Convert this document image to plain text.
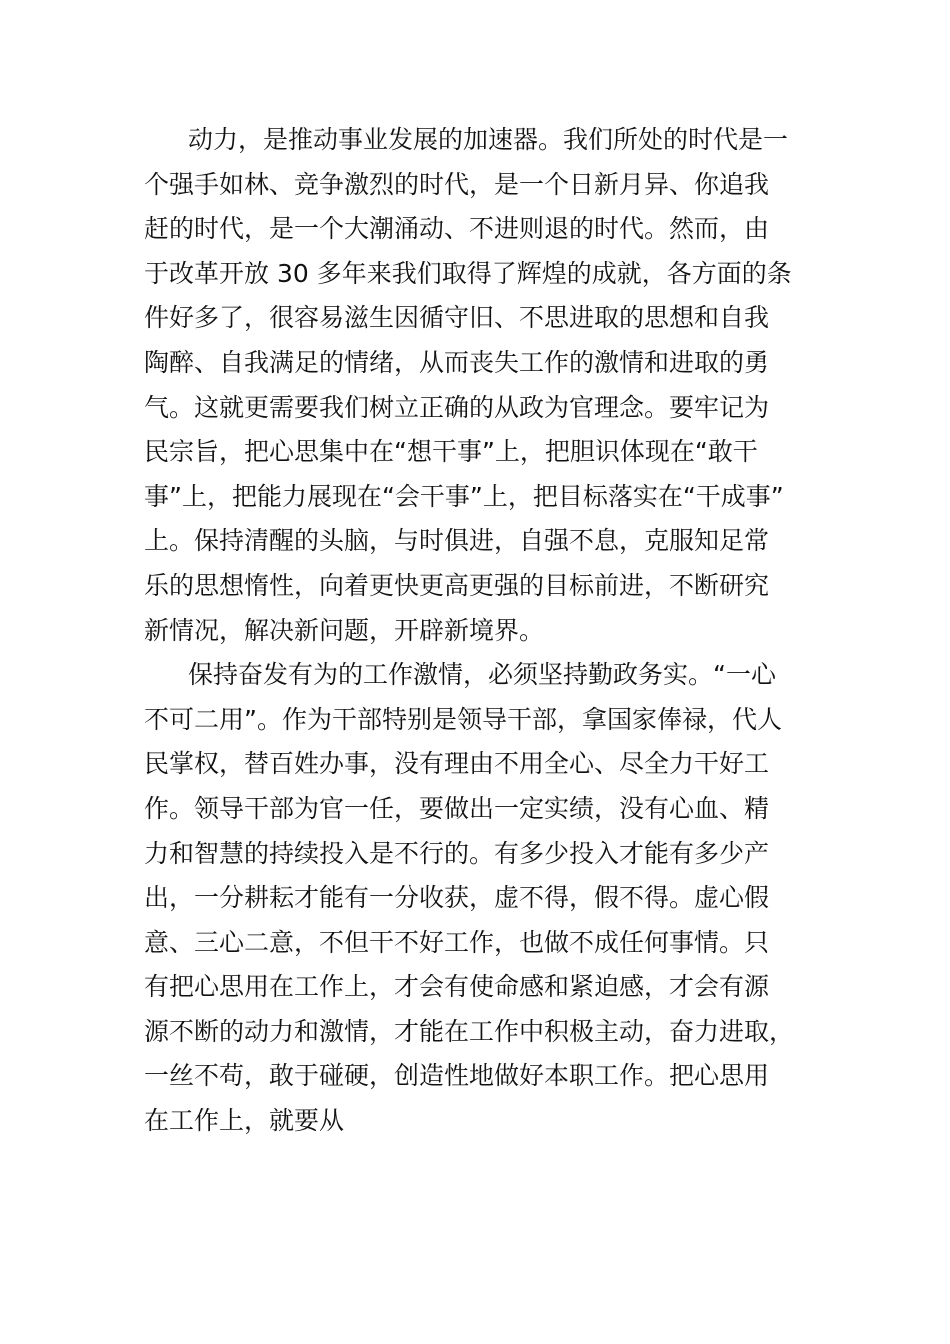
动力，是推动事业发展的加速器。我们所处的时代是一
个强手如林、竞争激烈的时代，是一个日新月异、你追我
赶的时代，是一个大潮涌动、不进则退的时代。然而，由
于改革开放 30 多年来我们取得了辉煌的成就，各方面的条
件好多了，很容易滋生因循守旧、不思进取的思想和自我
陶醉、自我满足的情绪，从而丧失工作的激情和进取的勇
气。这就更需要我们树立正确的从政为官理念。要牢记为
民宗旨，把心思集中在“想干事”上，把胆识体现在“敢干
事”上，把能力展现在“会干事”上，把目标落实在“干成事”
上。保持清醒的头脑，与时俱进，自强不息，克服知足常
乐的思想惰性，向着更快更高更强的目标前进，不断研究
新情况，解决新问题，开辟新境界。
保持奋发有为的工作激情，必须坚持勤政务实。“一心
不可二用”。作为干部特别是领导干部，拿国家俸禄，代人
民掌权，替百姓办事，没有理由不用全心、尽全力干好工
作。领导干部为官一任，要做出一定实绩，没有心血、精
力和智慧的持续投入是不行的。有多少投入才能有多少产
出，一分耕耘才能有一分收获，虚不得，假不得。虚心假
意、三心二意，不但干不好工作，也做不成任何事情。只
有把心思用在工作上，才会有使命感和紧迫感，才会有源
源不断的动力和激情，才能在工作中积极主动，奋力进取，
一丝不苟，敢于碰硬，创造性地做好本职工作。把心思用
在工作上，就要从
